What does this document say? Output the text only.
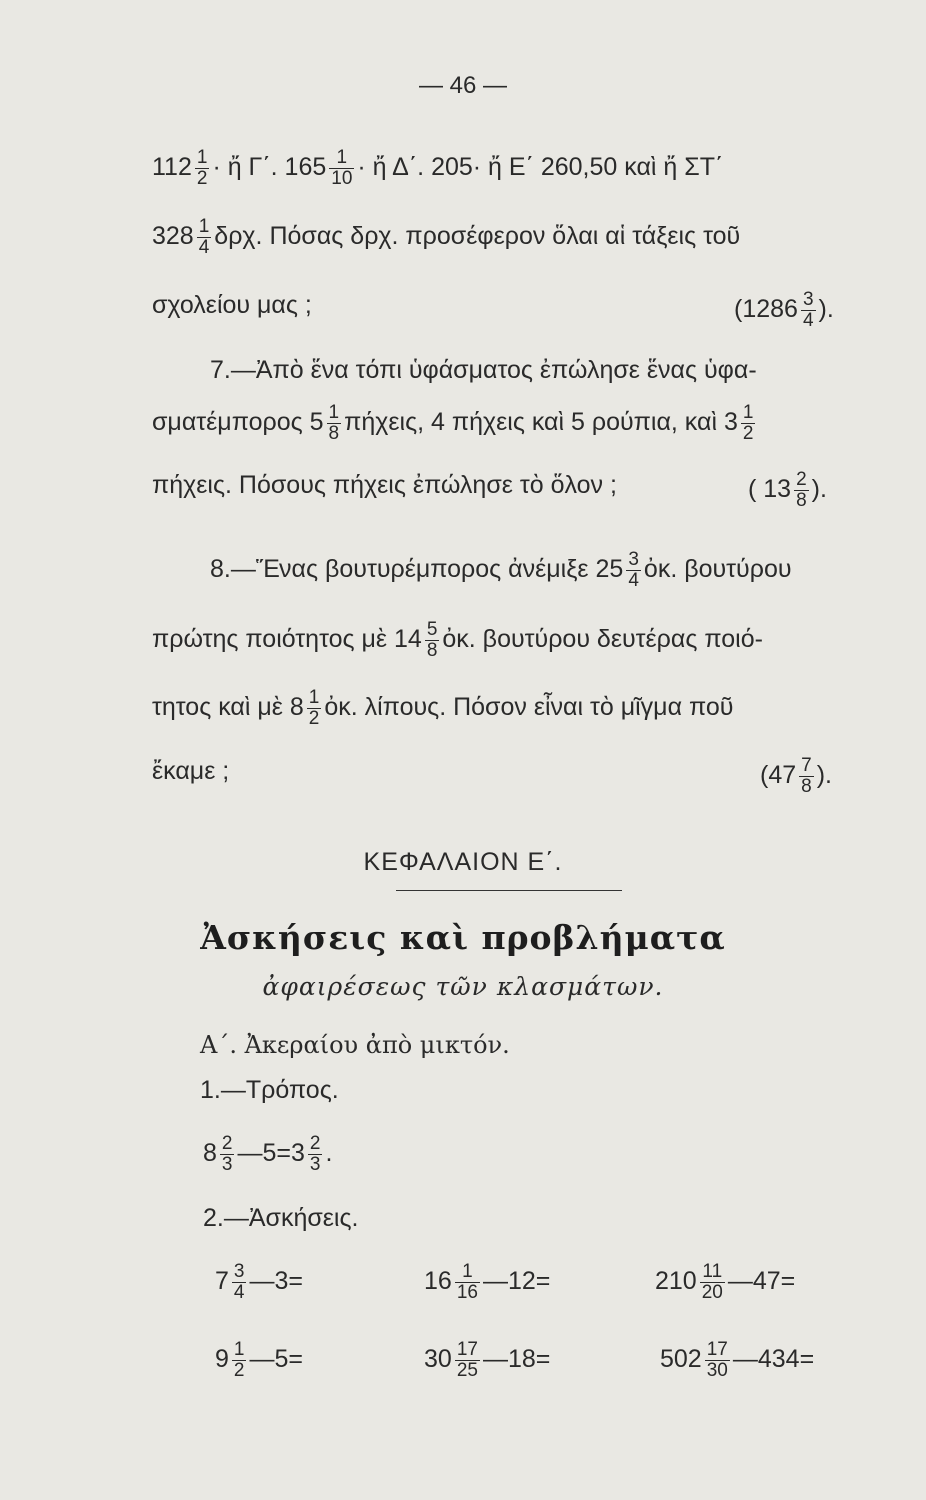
— 46 —
$112 \frac{1}{2}$ · ἤ Γ΄. $165 \frac{1}{10}$ · ἤ Δ΄. 205· ἤ Ε΄ 260,50 καὶ ἤ ΣΤ΄
$328 \frac{1}{4} \delta\rho\chi$. Πόσας δρχ. προσέφερον ὅλαι αἱ τάξεις τοῦ
σχολείου μας ;	($1286 \frac{3}{4}$ ).
7.—Ἀπὸ ἕνα τόπι ὑφάσματος ἐπώλησε ἕνας ὑφα-
σματέμπορος $5 \frac{1}{8} \pi ή\chi\varepsilon\iota\varsigma$, 4 πήχεις καὶ 5 ρούπια, καὶ $3 \frac{1}{2}$
πήχεις. Πόσους πήχεις ἐπώλησε τὸ ὅλον ;	( $13 \frac{2}{8}$ ).
8.—Ἕνας βουτυρέμπορος ἀνέμιξε $25 \frac{3}{4}$ ὀκ. βουτύρου
πρώτης ποιότητος μὲ $14 \frac{5}{8}$ ὀκ. βουτύρου δευτέρας ποιό-
τητος καὶ μὲ $8 \frac{1}{2}$ ὀκ. λίπους. Πόσον εἶναι τὸ μῖγμα ποῦ
ἔκαμε ;	($47 \frac{7}{8}$ ).
ΚΕΦΑΛΑΙΟΝ Ε΄.
Ἀσκήσεις καὶ προβλήματα
ἀφαιρέσεως τῶν κλασμάτων.
Α΄. Ἀκεραίου ἀπὸ μικτόν.
1.—Τρόπος.
$8 \frac{2}{3}$ —5=3 $\frac{2}{3}$ .
2.—Ἀσκήσεις.
$7 \frac{3}{4}$ —3=	$16 \frac{1}{16}$ —12=	$210 \frac{11}{20}$ —47=
$9 \frac{1}{2}$ —5=	$30 \frac{17}{25}$ —18=	$502 \frac{17}{30}$ —434=
